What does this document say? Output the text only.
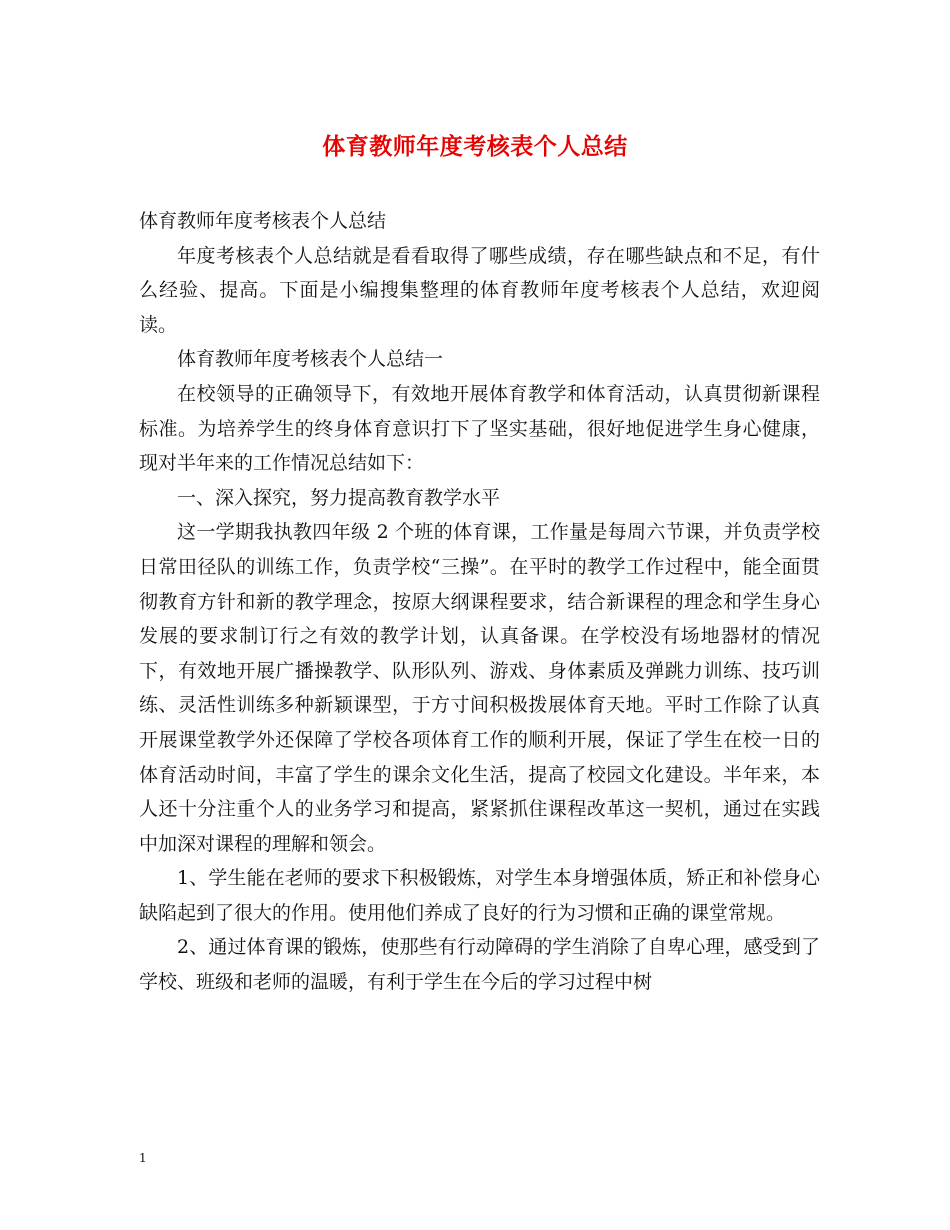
体育教师年度考核表个人总结

体育教师年度考核表个人总结

年度考核表个人总结就是看看取得了哪些成绩，存在哪些缺点和不足，有什么经验、提高。下面是小编搜集整理的体育教师年度考核表个人总结，欢迎阅读。

体育教师年度考核表个人总结一

在校领导的正确领导下，有效地开展体育教学和体育活动，认真贯彻新课程标准。为培养学生的终身体育意识打下了坚实基础，很好地促进学生身心健康，现对半年来的工作情况总结如下：

一、深入探究，努力提高教育教学水平

这一学期我执教四年级 2 个班的体育课，工作量是每周六节课，并负责学校日常田径队的训练工作，负责学校“三操”。在平时的教学工作过程中，能全面贯彻教育方针和新的教学理念，按原大纲课程要求，结合新课程的理念和学生身心发展的要求制订行之有效的教学计划，认真备课。在学校没有场地器材的情况下，有效地开展广播操教学、队形队列、游戏、身体素质及弹跳力训练、技巧训练、灵活性训练多种新颖课型，于方寸间积极拨展体育天地。平时工作除了认真开展课堂教学外还保障了学校各项体育工作的顺利开展，保证了学生在校一日的体育活动时间，丰富了学生的课余文化生活，提高了校园文化建设。半年来，本人还十分注重个人的业务学习和提高，紧紧抓住课程改革这一契机，通过在实践中加深对课程的理解和领会。

1、学生能在老师的要求下积极锻炼，对学生本身增强体质，矫正和补偿身心缺陷起到了很大的作用。使用他们养成了良好的行为习惯和正确的课堂常规。

2、通过体育课的锻炼，使那些有行动障碍的学生消除了自卑心理，感受到了学校、班级和老师的温暖，有利于学生在今后的学习过程中树

1
